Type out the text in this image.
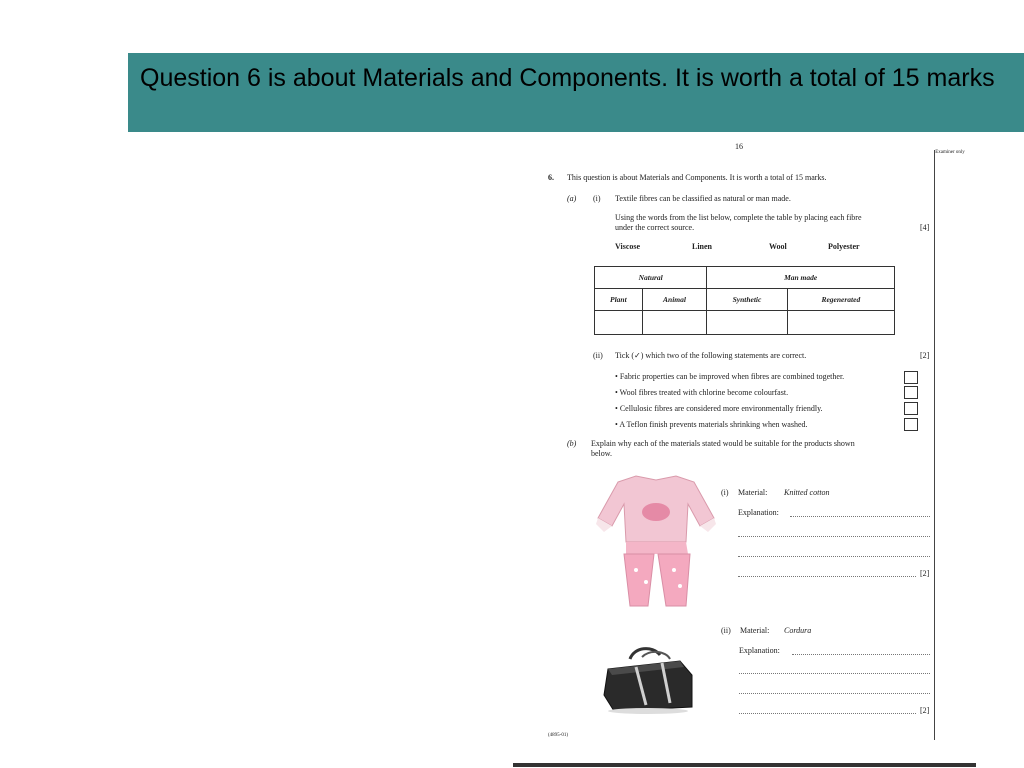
Question 6 is about Materials and Components. It is worth a total of 15 marks
16
Examiner only
6. This question is about Materials and Components. It is worth a total of 15 marks.
(a) (i) Textile fibres can be classified as natural or man made.
Using the words from the list below, complete the table by placing each fibre
under the correct source.	[4]
Viscose	Linen	Wool	Polyester
Natural		Man made	
Plant	Animal	Synthetic	Regenerated

(ii) Tick (✓) which two of the following statements are correct.	[2]
• Fabric properties can be improved when fibres are combined together.
• Wool fibres treated with chlorine become colourfast.
• Cellulosic fibres are considered more environmentally friendly.
• A Teflon finish prevents materials shrinking when washed.
(b) Explain why each of the materials stated would be suitable for the products shown
below.
(i) Material: Knitted cotton
Explanation:
[2]
(ii) Material: Cordura
Explanation:
[2]
(4895-01)
